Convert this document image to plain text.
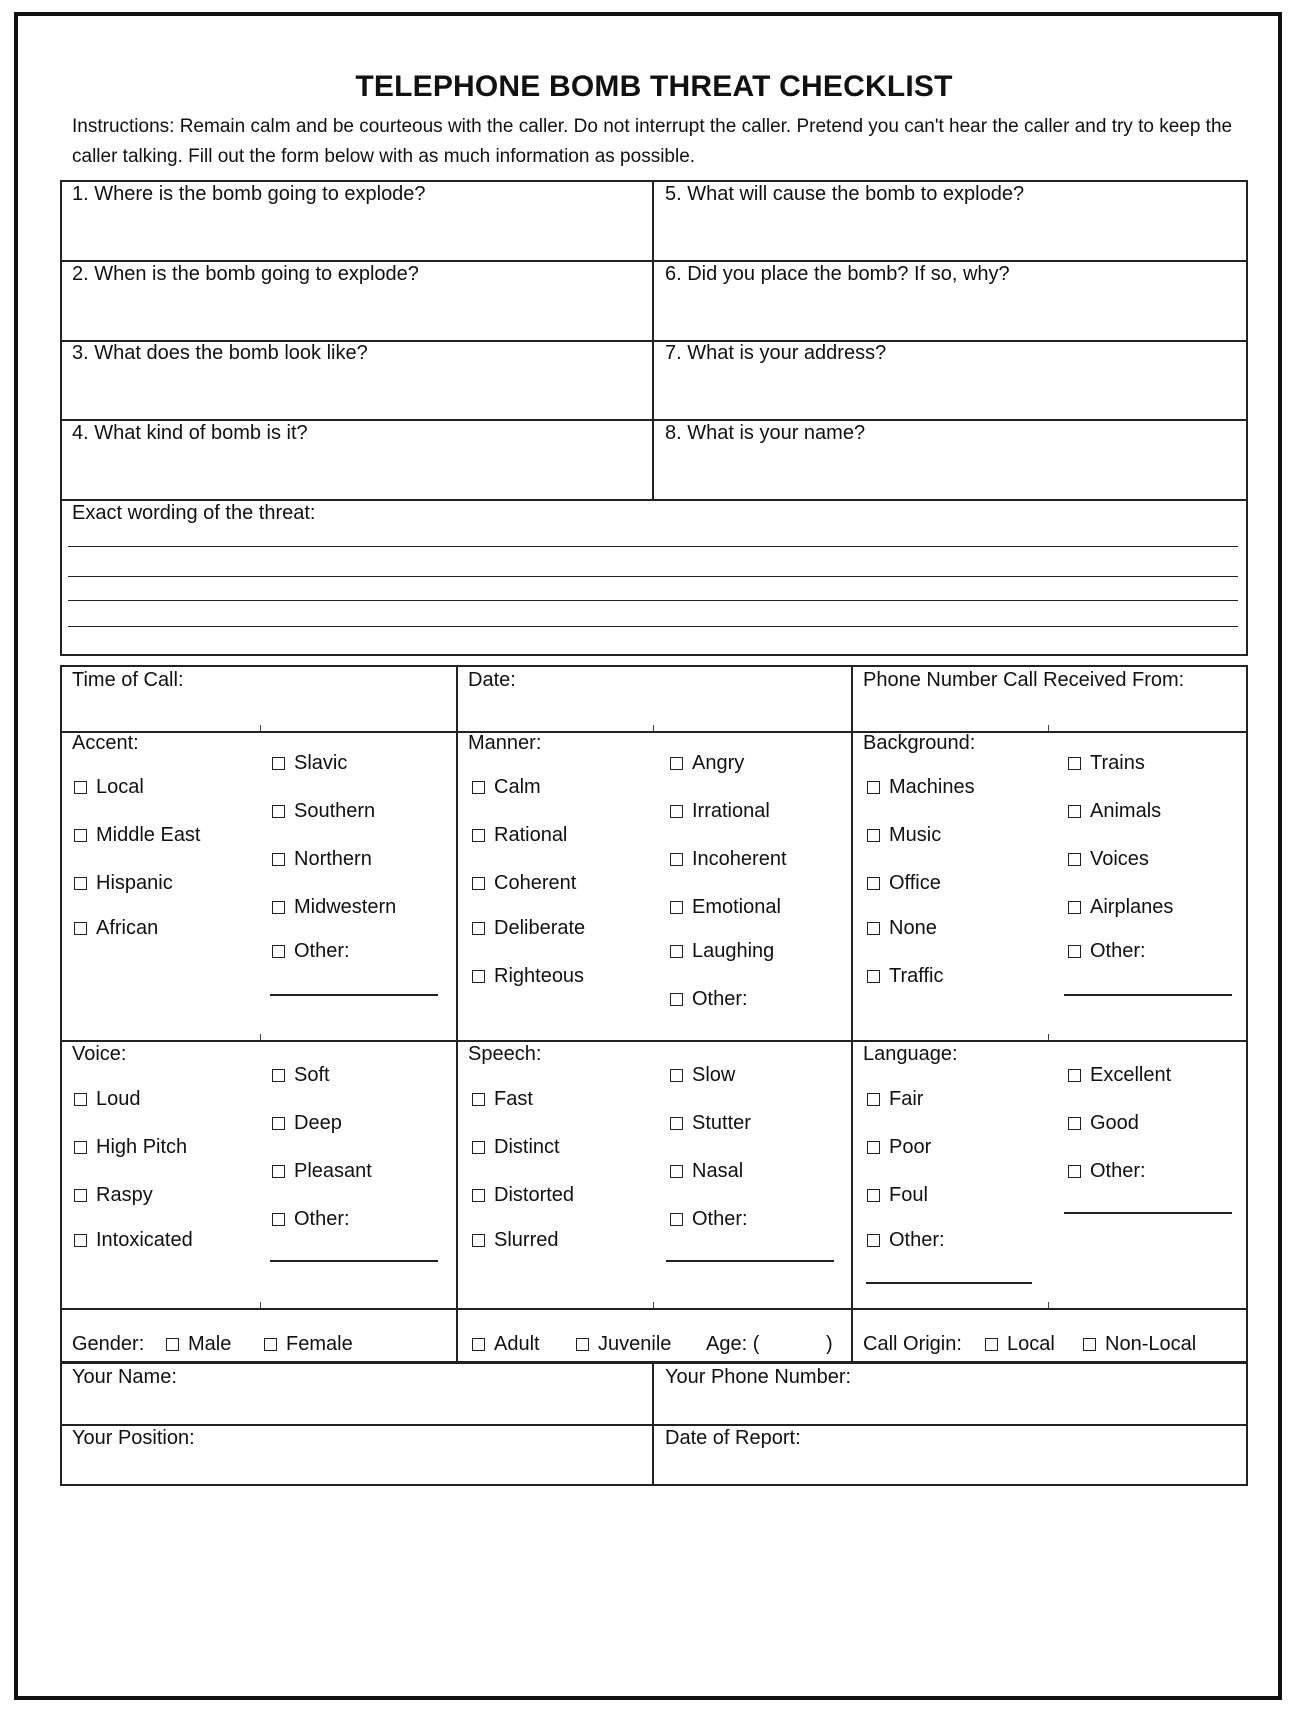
TELEPHONE BOMB THREAT CHECKLIST
Instructions: Remain calm and be courteous with the caller. Do not interrupt the caller. Pretend you can't hear the caller and try to keep the caller talking. Fill out the form below with as much information as possible.
1. Where is the bomb going to explode?	5. What will cause the bomb to explode?
2. When is the bomb going to explode?	6. Did you place the bomb? If so, why?
3. What does the bomb look like?	7. What is your address?
4. What kind of bomb is it?	8. What is your name?
Exact wording of the threat:
Time of Call:	Date:	Phone Number Call Received From:
Accent:
Local
Middle East
Hispanic
African
Slavic
Southern
Northern
Midwestern
Other:
Manner:
Calm
Rational
Coherent
Deliberate
Righteous
Angry
Irrational
Incoherent
Emotional
Laughing
Other:
Background:
Machines
Music
Office
None
Traffic
Trains
Animals
Voices
Airplanes
Other:
Voice:
Loud
High Pitch
Raspy
Intoxicated
Soft
Deep
Pleasant
Other:
Speech:
Fast
Distinct
Distorted
Slurred
Slow
Stutter
Nasal
Other:
Language:
Fair
Poor
Foul
Other:
Excellent
Good
Other:
Gender: Male	Female	Adult	Juvenile Age: (	) Call Origin: Local	Non-Local
Your Name:	Your Phone Number:
Your Position:	Date of Report:
